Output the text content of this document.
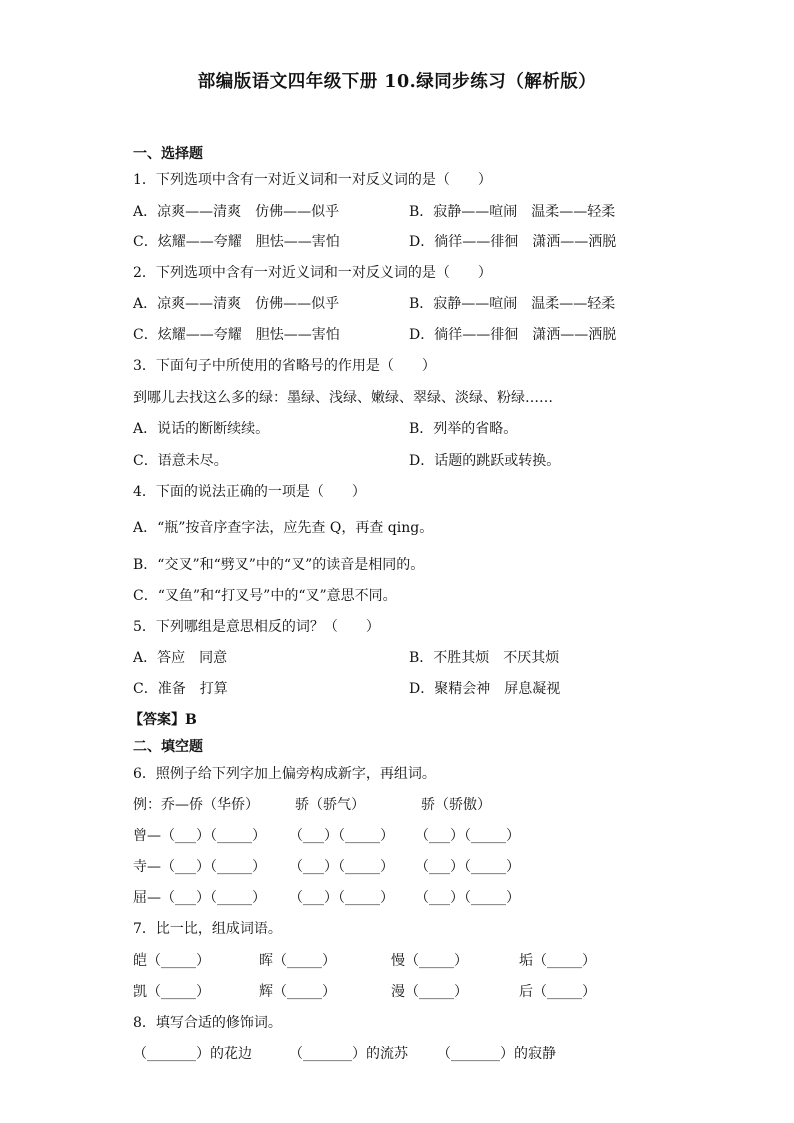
部编版语文四年级下册 10.绿同步练习（解析版）
一、选择题
1．下列选项中含有一对近义词和一对反义词的是（　　）
A．凉爽——清爽　仿佛——似乎	B．寂静——喧闹　温柔——轻柔
C．炫耀——夸耀　胆怯——害怕	D．徜徉——徘徊　潇洒——洒脱
2．下列选项中含有一对近义词和一对反义词的是（　　）
A．凉爽——清爽　仿佛——似乎	B．寂静——喧闹　温柔——轻柔
C．炫耀——夸耀　胆怯——害怕	D．徜徉——徘徊　潇洒——洒脱
3．下面句子中所使用的省略号的作用是（　　）
到哪儿去找这么多的绿：墨绿、浅绿、嫩绿、翠绿、淡绿、粉绿……
A．说话的断断续续。	B．列举的省略。
C．语意未尽。	D．话题的跳跃或转换。
4．下面的说法正确的一项是（　　）
A．“瓶”按音序查字法，应先查 Q，再查 qing。
B．“交叉”和“劈叉”中的“叉”的读音是相同的。
C．“叉鱼”和“打叉号”中的“叉”意思不同。
5．下列哪组是意思相反的词？（　　）
A．答应　同意	B．不胜其烦　不厌其烦
C．准备　打算	D．聚精会神　屏息凝视
【答案】B
二、填空题
6．照例子给下列字加上偏旁构成新字，再组词。
例：乔—侨（华侨）	骄（骄气）	骄（骄傲）
曾—（___）（_____） （___）（_____） （___）（_____）
寺—（___）（_____） （___）（_____） （___）（_____）
屈—（___）（_____） （___）（_____） （___）（_____）
7．比一比，组成词语。
皑（_____）	晖（_____）	慢（_____）	垢（_____）
凯（_____）	辉（_____）	漫（_____）	后（_____）
8．填写合适的修饰词。
（_______）的花边	（_______）的流苏 （_______）的寂静
